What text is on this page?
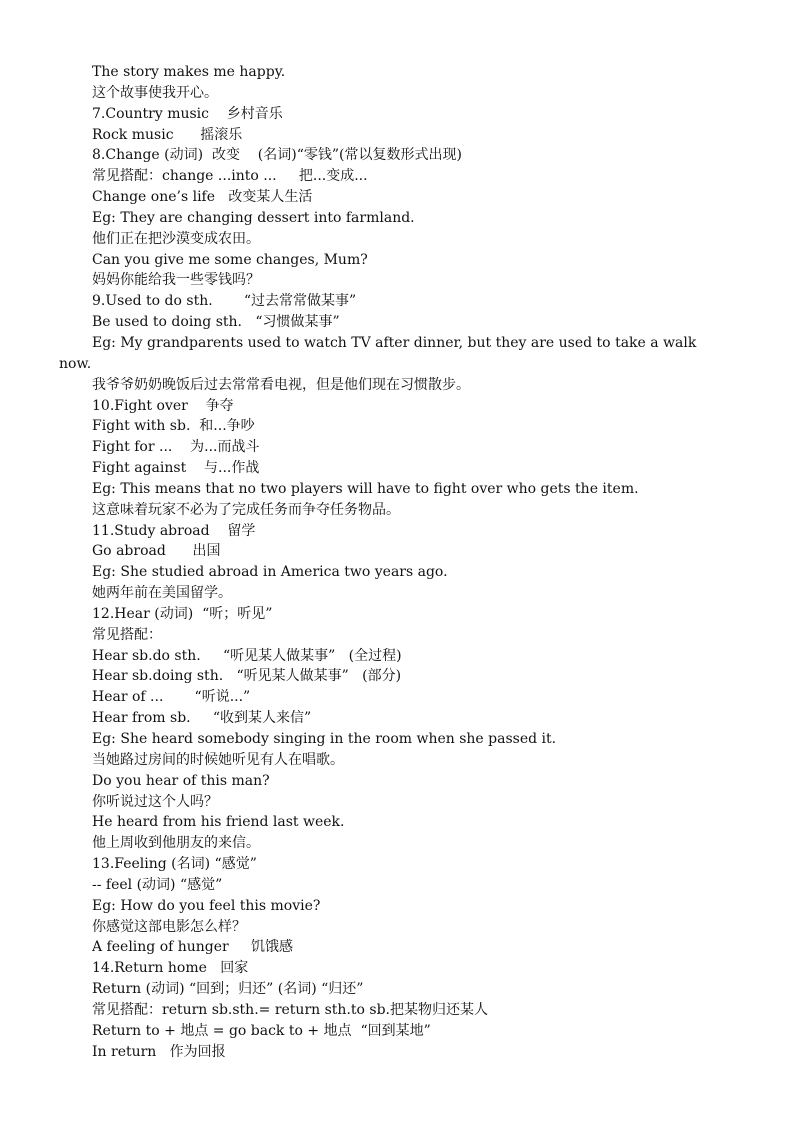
The story makes me happy.
这个故事使我开心。
7.Country music    乡村音乐
Rock music      摇滚乐
8.Change (动词)  改变    (名词)“零钱”(常以复数形式出现)
常见搭配：change ...into ...     把...变成...
Change one’s life   改变某人生活
Eg: They are changing dessert into farmland.
他们正在把沙漠变成农田。
Can you give me some changes, Mum?
妈妈你能给我一些零钱吗？
9.Used to do sth.       “过去常常做某事”
Be used to doing sth.   “习惯做某事”
Eg: My grandparents used to watch TV after dinner, but they are used to take a walk
now.
我爷爷奶奶晚饭后过去常常看电视，但是他们现在习惯散步。
10.Fight over    争夺
Fight with sb.  和...争吵
Fight for ...    为...而战斗
Fight against    与...作战
Eg: This means that no two players will have to fight over who gets the item.
这意味着玩家不必为了完成任务而争夺任务物品。
11.Study abroad    留学
Go abroad      出国
Eg: She studied abroad in America two years ago.
她两年前在美国留学。
12.Hear (动词)  “听；听见”
常见搭配：
Hear sb.do sth.     “听见某人做某事”   (全过程)
Hear sb.doing sth.   “听见某人做某事”   (部分)
Hear of ...       “听说...”
Hear from sb.     “收到某人来信”
Eg: She heard somebody singing in the room when she passed it.
当她路过房间的时候她听见有人在唱歌。
Do you hear of this man?
你听说过这个人吗？
He heard from his friend last week.
他上周收到他朋友的来信。
13.Feeling (名词) “感觉”
-- feel (动词) “感觉”
Eg: How do you feel this movie?
你感觉这部电影怎么样？
A feeling of hunger     饥饿感
14.Return home   回家
Return (动词) “回到；归还” (名词) “归还”
常见搭配：return sb.sth.= return sth.to sb.把某物归还某人
Return to + 地点 = go back to + 地点  “回到某地”
In return   作为回报
